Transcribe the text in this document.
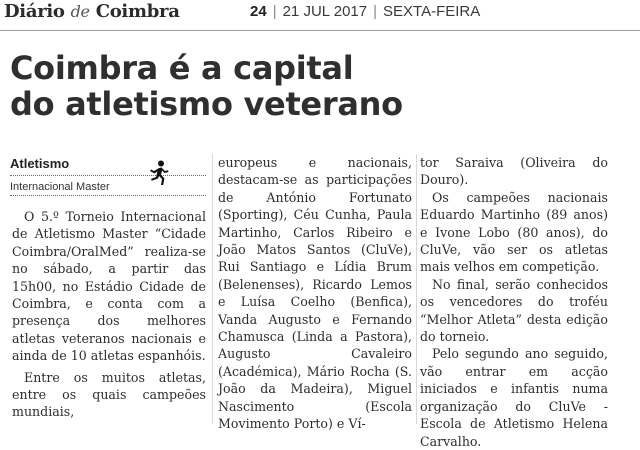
Diário de Coimbra	24 | 21 JUL 2017 | SEXTA-FEIRA
Coimbra é a capital
do atletismo veterano
Atletismo
Internacional Master

O 5.º Torneio Internacional de Atletismo Master “Cidade Coimbra/OralMed” realiza-se no sábado, a partir das 15h00, no Estádio Cidade de Coimbra, e conta com a presença dos melhores atletas veteranos nacionais e ainda de 10 atletas espanhóis.

Entre os muitos atletas, entre os quais campeões mundiais,

europeus e nacionais, destacam-se as participações de António Fortunato (Sporting), Céu Cunha, Paula Martinho, Carlos Ribeiro e João Matos Santos (CluVe), Rui Santiago e Lídia Brum (Belenenses), Ricardo Lemos e Luísa Coelho (Benfica), Vanda Augusto e Fernando Chamusca (Linda a Pastora), Augusto Cavaleiro (Académica), Mário Rocha (S. João da Madeira), Miguel Nascimento (Escola Movimento Porto) e Ví-

tor Saraiva (Oliveira do Douro).

Os campeões nacionais Eduardo Martinho (89 anos) e Ivone Lobo (80 anos), do CluVe, vão ser os atletas mais velhos em competição.

No final, serão conhecidos os vencedores do troféu “Melhor Atleta” desta edição do torneio.

Pelo segundo ano seguido, vão entrar em acção iniciados e infantis numa organização do CluVe - Escola de Atletismo Helena Carvalho.
